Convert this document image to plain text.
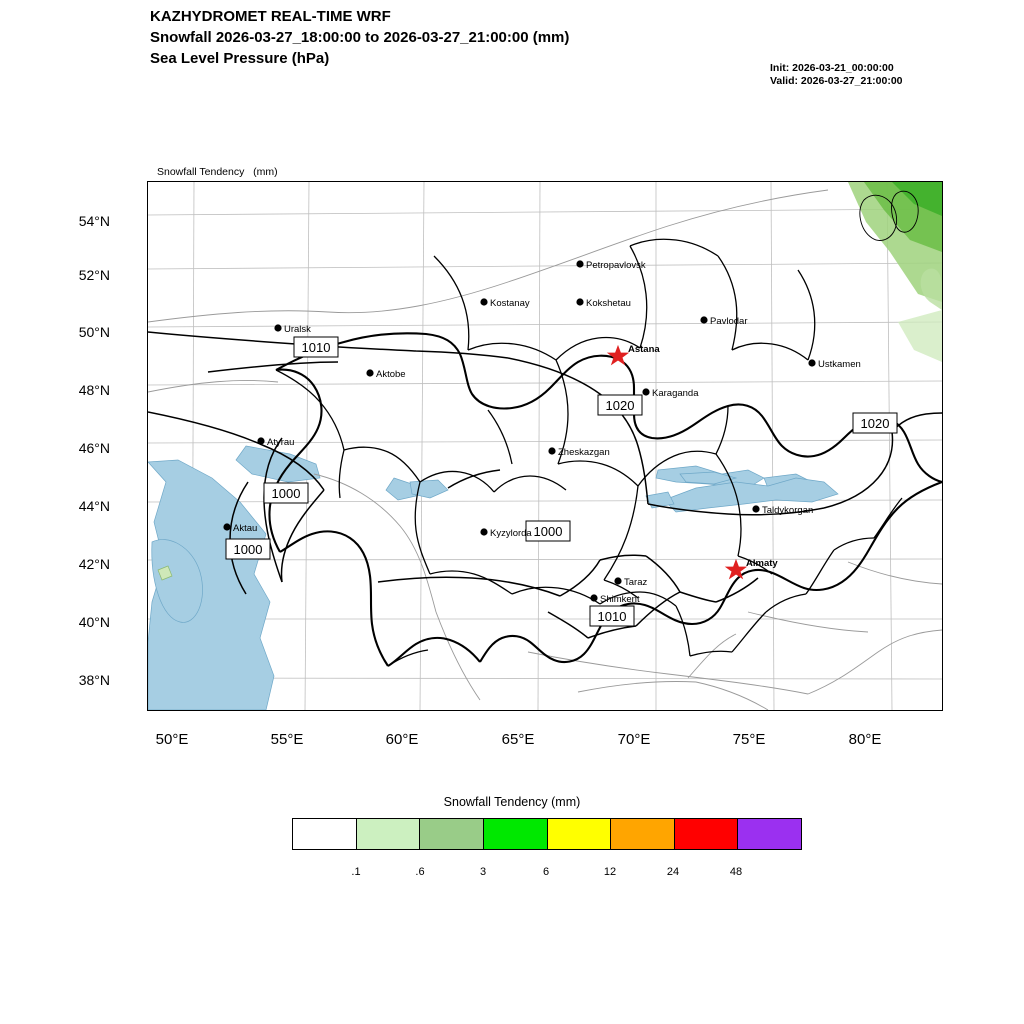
KAZHYDROMET REAL-TIME WRF
Snowfall 2026-03-27_18:00:00 to 2026-03-27_21:00:00 (mm)
Sea Level Pressure (hPa)
Init: 2026-03-21_00:00:00
Valid: 2026-03-27_21:00:00

Snowfall Tendency   (mm)

1010
1020
1020
1000
1000
1000
1010
Uralsk
Aktobe
Atyrau
Aktau
Kostanay
Petropavlovsk
Kokshetau
Pavlodar
Karaganda
Ustkamen
Zheskazgan
Kyzylorda
Taldykorgan
Taraz
Shimkent
Astana
Almaty
54°N
52°N
50°N
48°N
46°N
44°N
42°N
40°N
38°N
50°E	55°E	60°E	65°E	70°E	75°E	80°E
Snowfall Tendency (mm)
.1	.6	3	6	12	24	48
